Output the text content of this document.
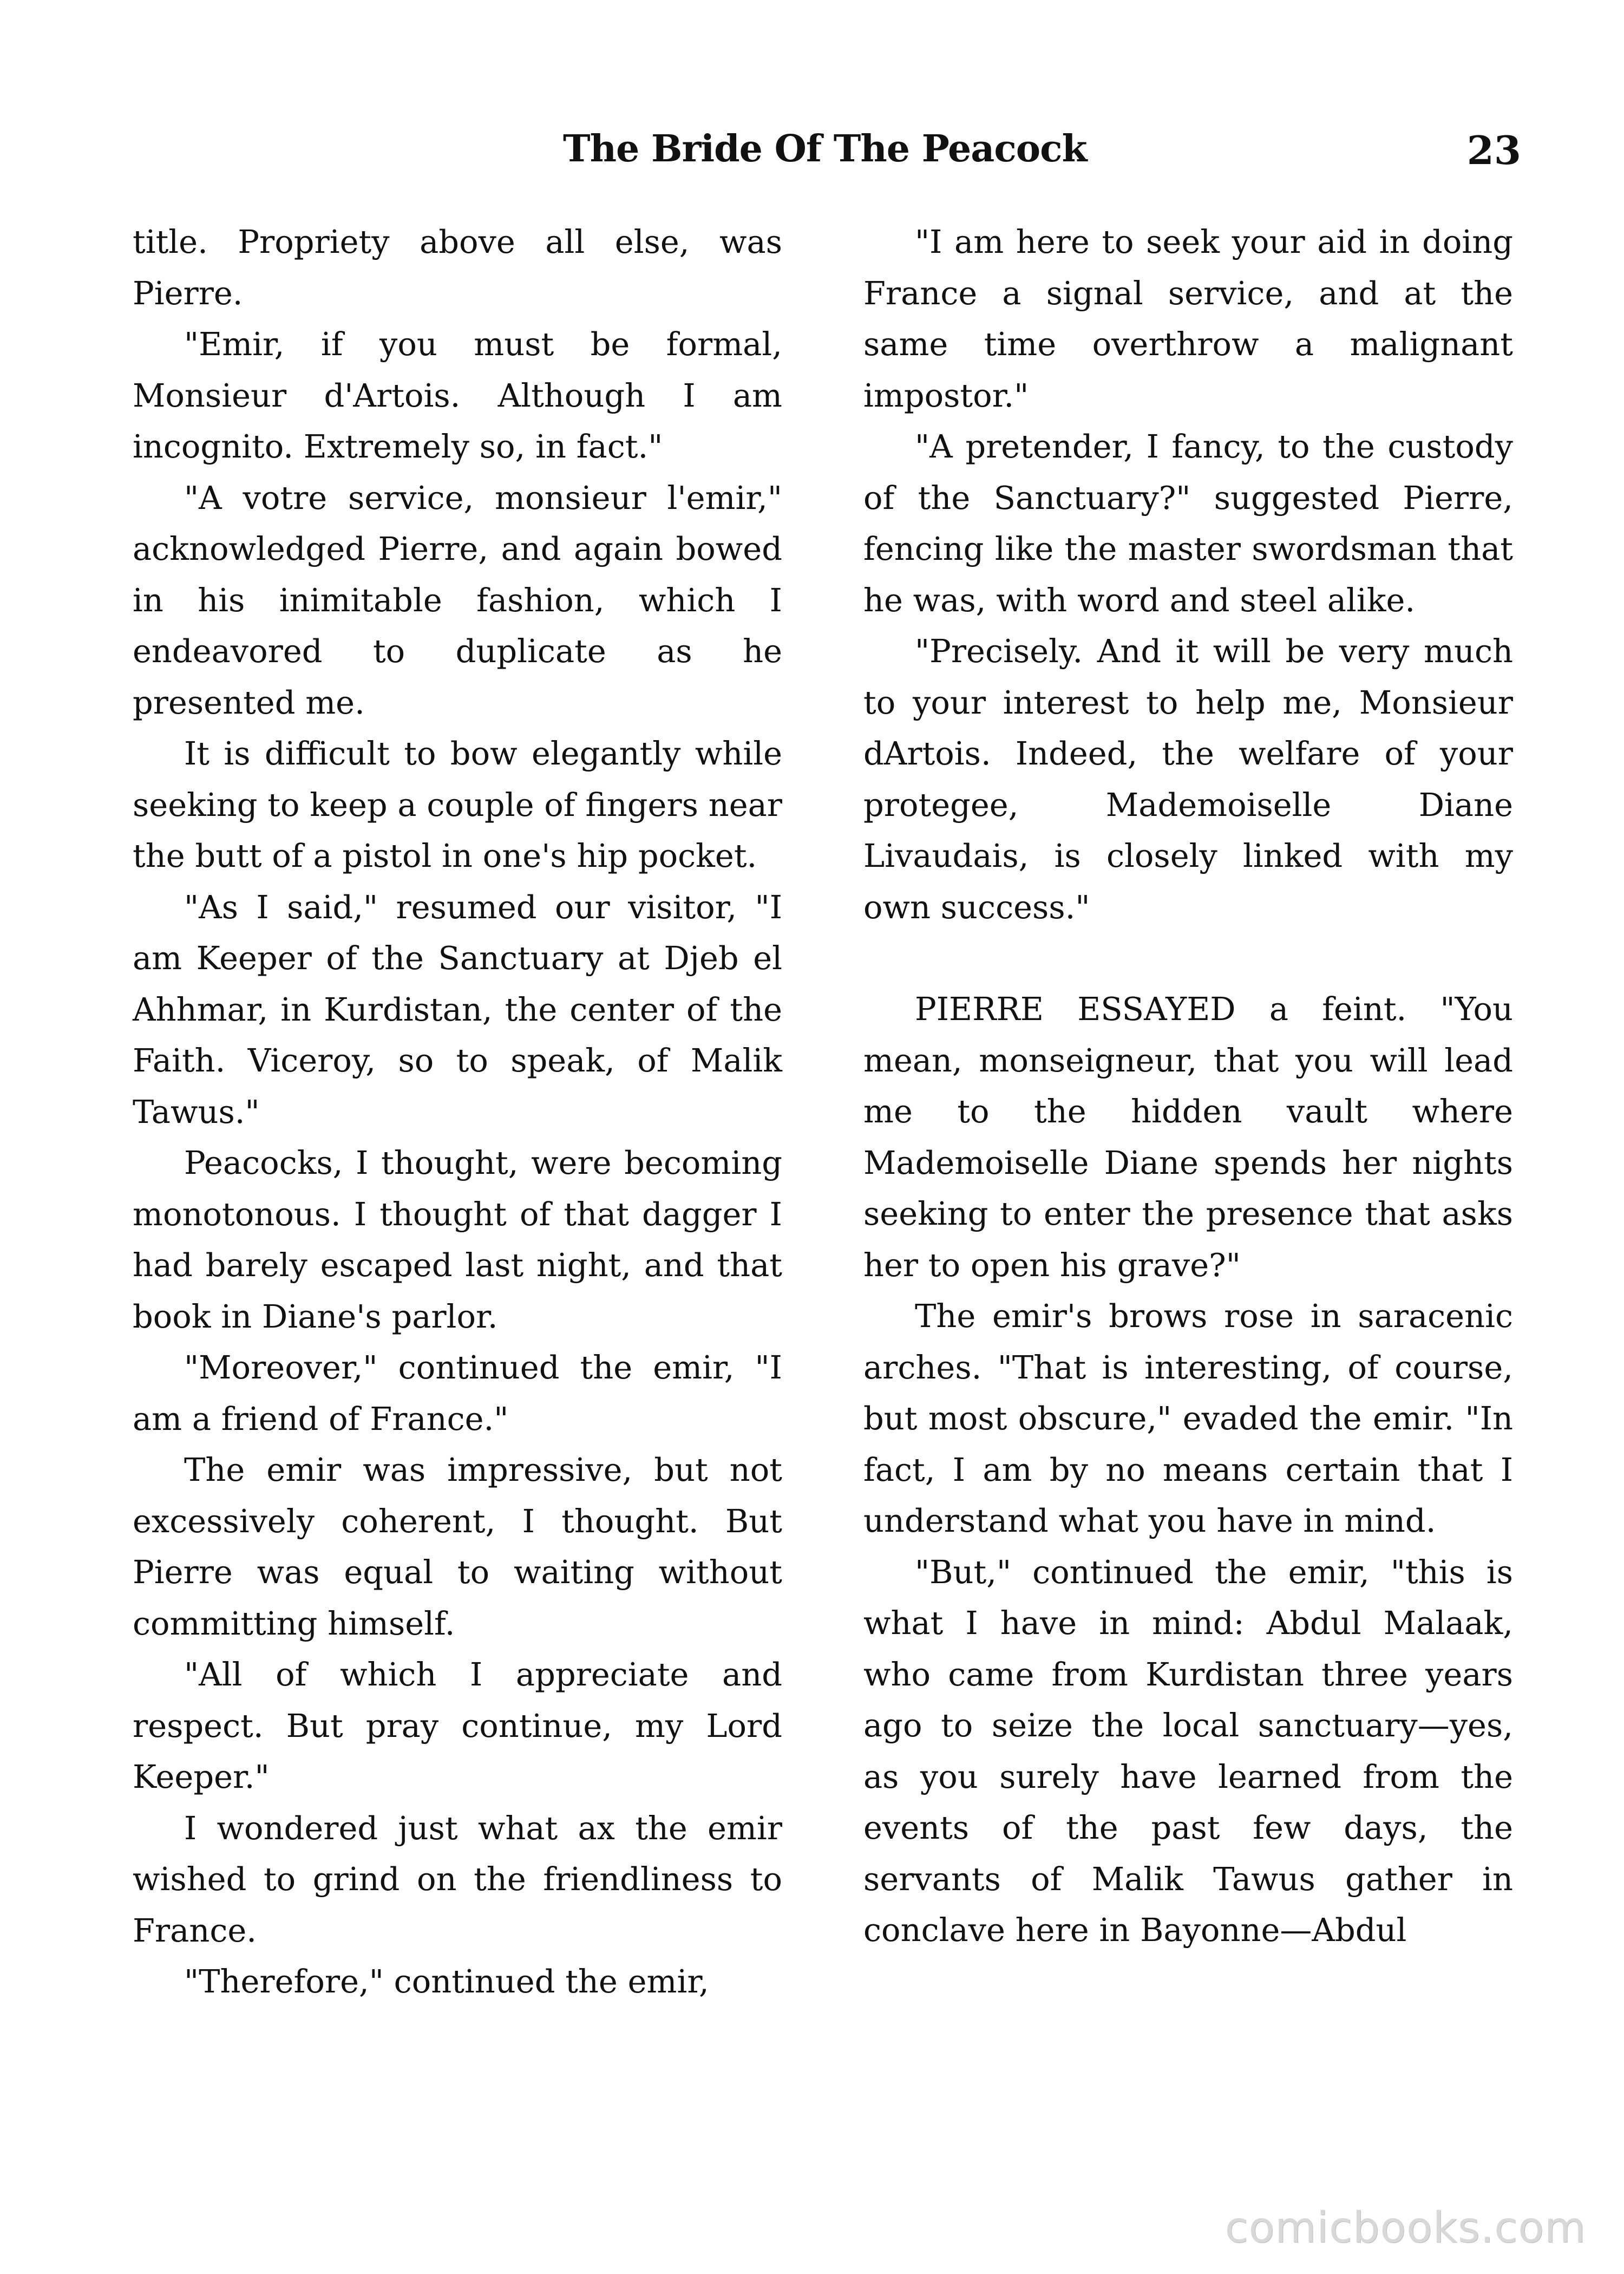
The Bride Of The Peacock	23

title. Propriety above all else, was Pierre.

"Emir, if you must be formal, Monsieur d'Artois. Although I am incognito. Extremely so, in fact."

"A votre service, monsieur l'emir," acknowledged Pierre, and again bowed in his inimitable fashion, which I endeavored to duplicate as he presented me.

It is difficult to bow elegantly while seeking to keep a couple of fingers near the butt of a pistol in one's hip pocket.

"As I said," resumed our visitor, "I am Keeper of the Sanctuary at Djeb el Ahhmar, in Kurdistan, the center of the Faith. Viceroy, so to speak, of Malik Tawus."

Peacocks, I thought, were becoming monotonous. I thought of that dagger I had barely escaped last night, and that book in Diane's parlor.

"Moreover," continued the emir, "I am a friend of France."

The emir was impressive, but not excessively coherent, I thought. But Pierre was equal to waiting without committing himself.

"All of which I appreciate and respect. But pray continue, my Lord Keeper."

I wondered just what ax the emir wished to grind on the friendliness to France.

"Therefore," continued the emir,

"I am here to seek your aid in doing France a signal service, and at the same time overthrow a malignant impostor."

"A pretender, I fancy, to the custody of the Sanctuary?" suggested Pierre, fencing like the master swordsman that he was, with word and steel alike.

"Precisely. And it will be very much to your interest to help me, Monsieur dArtois. Indeed, the welfare of your protegee, Mademoiselle Diane Livaudais, is closely linked with my own success."

PIERRE ESSAYED a feint. "You mean, monseigneur, that you will lead me to the hidden vault where Mademoiselle Diane spends her nights seeking to enter the presence that asks her to open his grave?"

The emir's brows rose in saracenic arches. "That is interesting, of course, but most obscure," evaded the emir. "In fact, I am by no means certain that I understand what you have in mind.

"But," continued the emir, "this is what I have in mind: Abdul Malaak, who came from Kurdistan three years ago to seize the local sanctuary—yes, as you surely have learned from the events of the past few days, the servants of Malik Tawus gather in conclave here in Bayonne—Abdul

comicbooks.com
